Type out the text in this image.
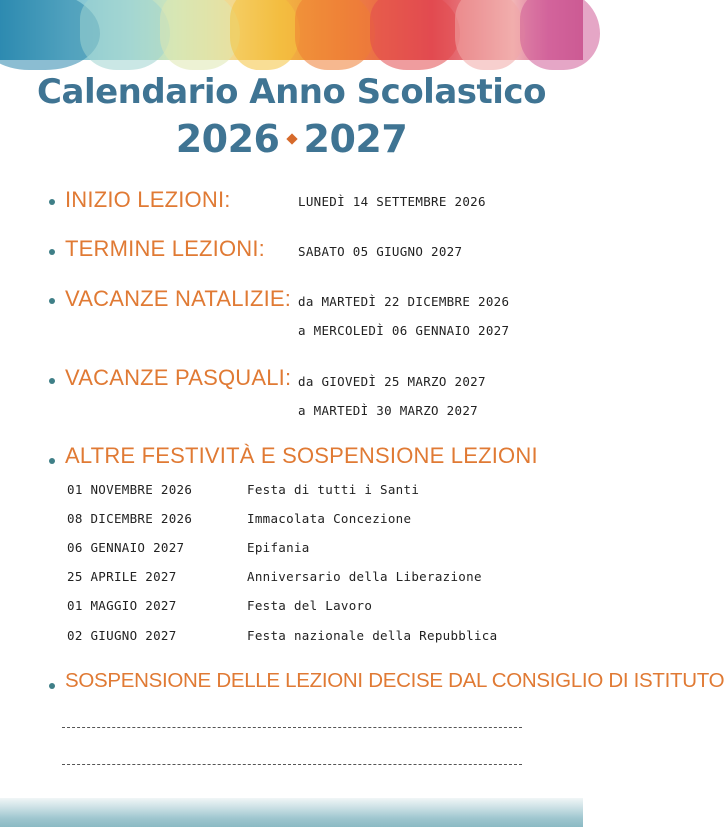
Calendario Anno Scolastico
2026 2027
INIZIO LEZIONI:	LUNEDÌ 14 SETTEMBRE 2026
TERMINE LEZIONI:	SABATO 05 GIUGNO 2027
VACANZE NATALIZIE: da MARTEDÌ 22 DICEMBRE 2026
a MERCOLEDÌ 06 GENNAIO 2027
VACANZE PASQUALI: da GIOVEDÌ 25 MARZO 2027
a MARTEDÌ 30 MARZO 2027
ALTRE FESTIVITÀ E SOSPENSIONE LEZIONI
01 NOVEMBRE 2026	Festa di tutti i Santi
08 DICEMBRE 2026	Immacolata Concezione
06 GENNAIO 2027	Epifania
25 APRILE 2027	Anniversario della Liberazione
01 MAGGIO 2027	Festa del Lavoro
02 GIUGNO 2027	Festa nazionale della Repubblica
SOSPENSIONE DELLE LEZIONI DECISE DAL CONSIGLIO DI ISTITUTO
